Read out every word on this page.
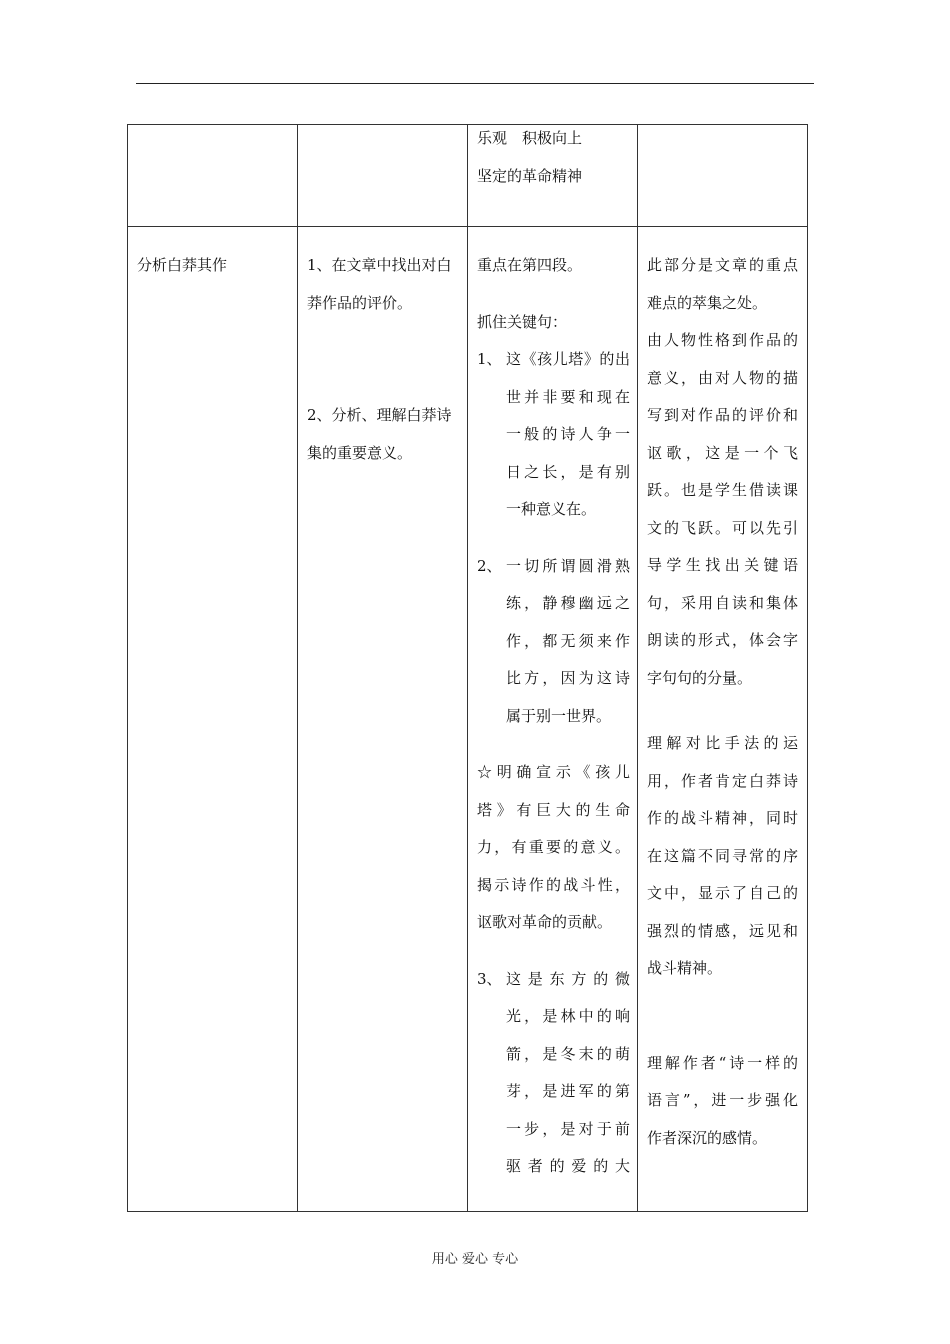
乐观　积极向上

坚定的革命精神

分析白莽其作	1、在文章中找出对白

莽作品的评价。

2、分析、理解白莽诗

集的重要意义。

重点在第四段。

抓住关键句：

1、 这《孩儿塔》的出
世并非要和现在
一般的诗人争一
日之长，是有别
一种意义在。
2、 一切所谓圆滑熟
练，静穆幽远之
作，都无须来作
比方，因为这诗
属于别一世界。
☆明确宣示《孩儿
塔》有巨大的生命
力，有重要的意义。
揭示诗作的战斗性，
讴歌对革命的贡献。
3、 这是东方的微
光，是林中的响
箭，是冬末的萌
芽，是进军的第
一步，是对于前
驱者的爱的大
此部分是文章的重点
难点的萃集之处。
由人物性格到作品的
意义，由对人物的描
写到对作品的评价和
讴歌，这是一个飞
跃。也是学生借读课
文的飞跃。可以先引
导学生找出关键语
句，采用自读和集体
朗读的形式，体会字
字句句的分量。
理解对比手法的运
用，作者肯定白莽诗
作的战斗精神，同时
在这篇不同寻常的序
文中，显示了自己的
强烈的情感，远见和
战斗精神。
理解作者“诗一样的
语言”，进一步强化
作者深沉的感情。
用心 爱心 专心
